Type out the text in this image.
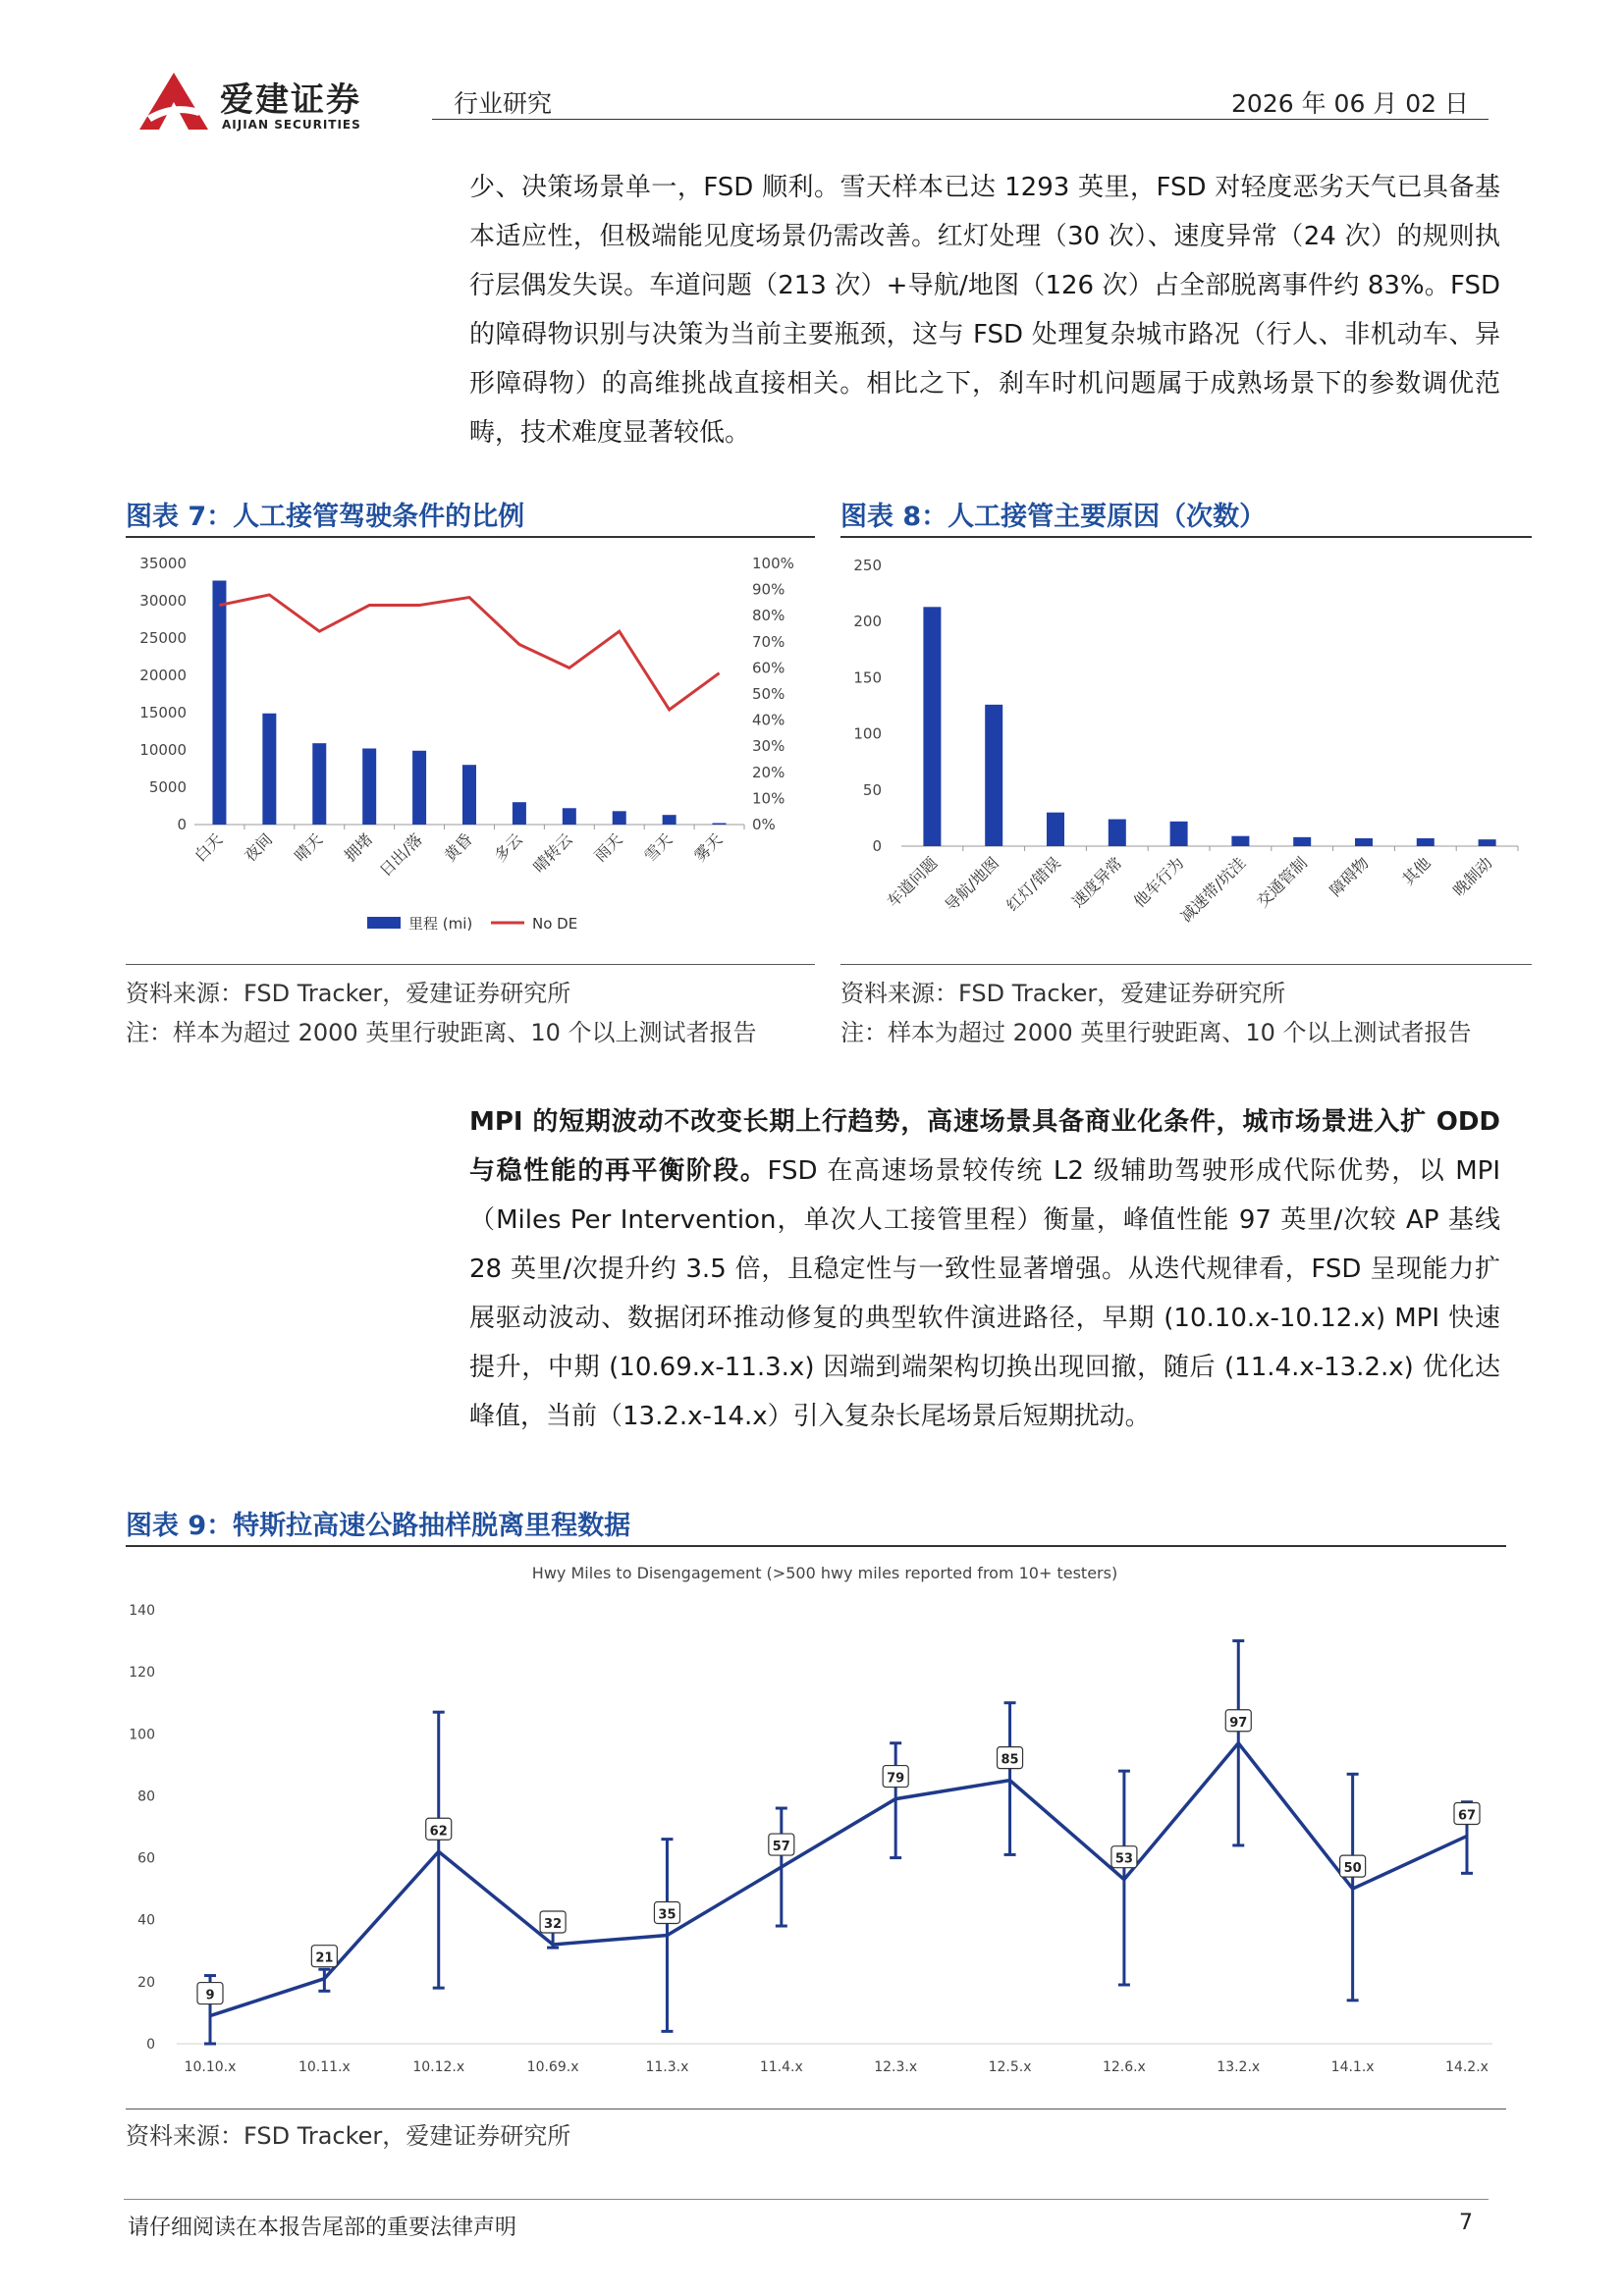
爱建证券
AIJIAN SECURITIES
行业研究	2026 年 06 月 02 日
少、决策场景单一，FSD 顺利。雪天样本已达 1293 英里，FSD 对轻度恶劣天气已具备基本适应性，但极端能见度场景仍需改善。红灯处理（30 次）、速度异常（24 次）的规则执行层偶发失误。车道问题（213 次）+导航/地图（126 次）占全部脱离事件约 83%。FSD 的障碍物识别与决策为当前主要瓶颈，这与 FSD 处理复杂城市路况（行人、非机动车、异形障碍物）的高维挑战直接相关。相比之下，刹车时机问题属于成熟场景下的参数调优范畴，技术难度显著较低。
图表 7：人工接管驾驶条件的比例
0
5000
10000
15000
20000
25000
30000
35000
0%
10%
20%
30%
40%
50%
60%
70%
80%
90%
100%
白天 夜间 晴天 拥堵 日出/落 黄昏 多云 晴转云 雨天 雪天 雾天
里程 (mi)	No DE
资料来源：FSD Tracker，爱建证券研究所
注：样本为超过 2000 英里行驶距离、10 个以上测试者报告
图表 8：人工接管主要原因（次数）
0
50
100
150
200
250
车道问题 导航/地图 红灯/错误 速度异常 他车行为
减速带/坑洼 交通管制 障碍物 其他 晚制动
资料来源：FSD Tracker，爱建证券研究所
注：样本为超过 2000 英里行驶距离、10 个以上测试者报告
MPI 的短期波动不改变长期上行趋势，高速场景具备商业化条件，城市场景进入扩 ODD 与稳性能的再平衡阶段。FSD 在高速场景较传统 L2 级辅助驾驶形成代际优势，以 MPI（Miles Per Intervention，单次人工接管里程）衡量，峰值性能 97 英里/次较 AP 基线 28 英里/次提升约 3.5 倍，且稳定性与一致性显著增强。从迭代规律看，FSD 呈现能力扩展驱动波动、数据闭环推动修复的典型软件演进路径，早期 (10.10.x-10.12.x) MPI 快速提升，中期 (10.69.x-11.3.x) 因端到端架构切换出现回撤，随后 (11.4.x-13.2.x) 优化达峰值，当前（13.2.x-14.x）引入复杂长尾场景后短期扰动。
图表 9：特斯拉高速公路抽样脱离里程数据
Hwy Miles to Disengagement (>500 hwy miles reported from 10+ testers)
0
20
40
60
80
100
120
140
9
21
62
32
35
57
79
85
53
97
50
67
10.10.x	10.11.x	10.12.x	10.69.x	11.3.x	11.4.x	12.3.x	12.5.x	12.6.x	13.2.x	14.1.x	14.2.x
资料来源：FSD Tracker，爱建证券研究所
请仔细阅读在本报告尾部的重要法律声明	7
